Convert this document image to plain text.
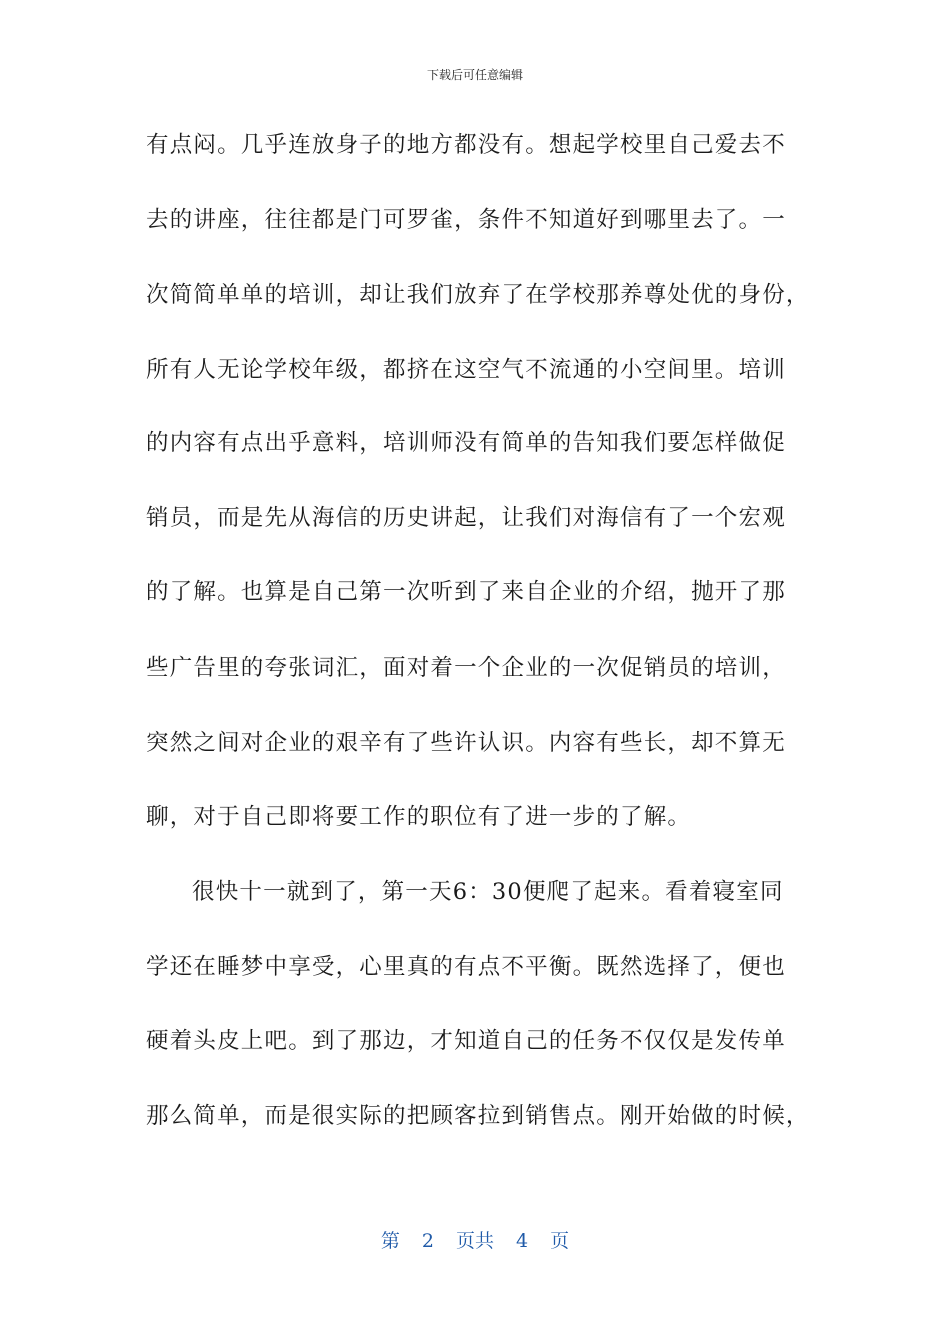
下载后可任意编辑
有点闷。几乎连放身子的地方都没有。想起学校里自己爱去不
去的讲座，往往都是门可罗雀，条件不知道好到哪里去了。一
次简简单单的培训，却让我们放弃了在学校那养尊处优的身份，
所有人无论学校年级，都挤在这空气不流通的小空间里。培训
的内容有点出乎意料，培训师没有简单的告知我们要怎样做促
销员，而是先从海信的历史讲起，让我们对海信有了一个宏观
的了解。也算是自己第一次听到了来自企业的介绍，抛开了那
些广告里的夸张词汇，面对着一个企业的一次促销员的培训，
突然之间对企业的艰辛有了些许认识。内容有些长，却不算无
聊，对于自己即将要工作的职位有了进一步的了解。
很快十一就到了，第一天6：30便爬了起来。看着寝室同
学还在睡梦中享受，心里真的有点不平衡。既然选择了，便也
硬着头皮上吧。到了那边，才知道自己的任务不仅仅是发传单
那么简单，而是很实际的把顾客拉到销售点。刚开始做的时候，
第 2 页共 4 页
